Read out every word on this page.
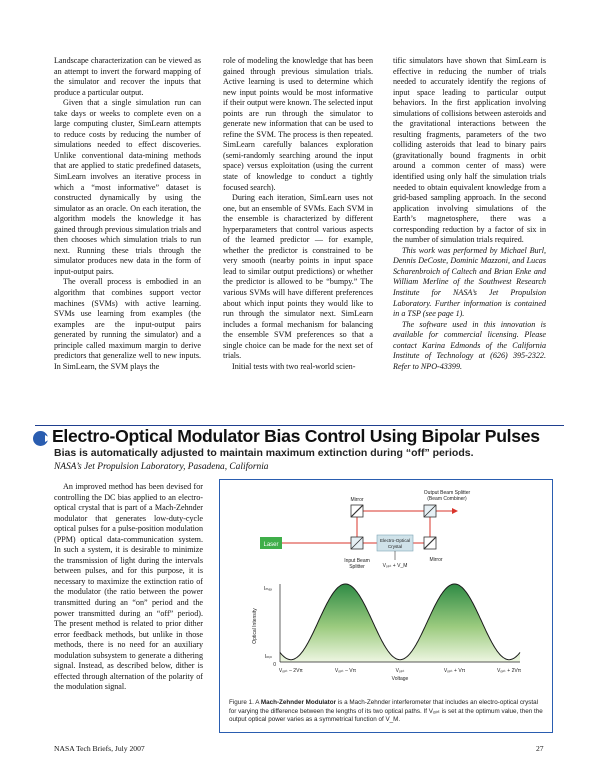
Landscape characterization can be viewed as an attempt to invert the forward mapping of the simulator and recover the inputs that produce a particular output.

Given that a single simulation run can take days or weeks to complete even on a large computing cluster, SimLearn attempts to reduce costs by reducing the number of simulations needed to effect discoveries. Unlike conventional data-mining methods that are applied to static predefined datasets, SimLearn involves an iterative process in which a “most informative” dataset is constructed dynamically by using the simulator as an oracle. On each iteration, the algorithm models the knowledge it has gained through previous simulation trials and then chooses which simulation trials to run next. Running these trials through the simulator produces new data in the form of input-output pairs.

The overall process is embodied in an algorithm that combines support vector machines (SVMs) with active learning. SVMs use learning from examples (the examples are the input-output pairs generated by running the simulator) and a principle called maximum margin to derive predictors that generalize well to new inputs. In SimLearn, the SVM plays the

role of modeling the knowledge that has been gained through previous simulation trials. Active learning is used to determine which new input points would be most informative if their output were known. The selected input points are run through the simulator to generate new information that can be used to refine the SVM. The process is then repeated. SimLearn carefully balances exploration (semi-randomly searching around the input space) versus exploitation (using the current state of knowledge to conduct a tightly focused search).

During each iteration, SimLearn uses not one, but an ensemble of SVMs. Each SVM in the ensemble is characterized by different hyperparameters that control various aspects of the learned predictor — for example, whether the predictor is constrained to be very smooth (nearby points in input space lead to similar output predictions) or whether the predictor is allowed to be “bumpy.” The various SVMs will have different preferences about which input points they would like to run through the simulator next. SimLearn includes a formal mechanism for balancing the ensemble SVM preferences so that a single choice can be made for the next set of trials.

Initial tests with two real-world scien-

tific simulators have shown that SimLearn is effective in reducing the number of trials needed to accurately identify the regions of input space leading to particular output behaviors. In the first application involving simulations of collisions between asteroids and the gravitational interactions between the resulting fragments, parameters of the two colliding asteroids that lead to binary pairs (gravitationally bound fragments in orbit around a common center of mass) were identified using only half the simulation trials needed to obtain equivalent knowledge from a grid-based sampling approach. In the second application involving simulations of the Earth’s magnetosphere, there was a corresponding reduction by a factor of six in the number of simulation trials required.

This work was performed by Michael Burl, Dennis DeCoste, Dominic Mazzoni, and Lucas Scharenbroich of Caltech and Brian Enke and William Merline of the Southwest Research Institute for NASA’s Jet Propulsion Laboratory. Further information is contained in a TSP (see page 1).

The software used in this innovation is available for commercial licensing. Please contact Karina Edmonds of the California Institute of Technology at (626) 395-2322. Refer to NPO-43399.

Electro-Optical Modulator Bias Control Using Bipolar Pulses
Bias is automatically adjusted to maintain maximum extinction during “off” periods.
NASA’s Jet Propulsion Laboratory, Pasadena, California

An improved method has been devised for controlling the DC bias applied to an electro-optical crystal that is part of a Mach-Zehnder modulator that generates low-duty-cycle optical pulses for a pulse-position modulation (PPM) optical data-communication system. In such a system, it is desirable to minimize the transmission of light during the intervals between pulses, and for this purpose, it is necessary to maximize the extinction ratio of the modulator (the ratio between the power transmitted during an “on” period and the power transmitted during an “off” period). The present method is related to prior dither error feedback methods, but unlike in those methods, there is no need for an auxiliary modulation subsystem to generate a dithering signal. Instead, as described below, dither is effected through alternation of the polarity of the modulation signal.

Laser
Electro-Optical
Crystal
Mirror
Output Beam Splitter
(Beam Combiner)
Input Beam
Splitter	Vₒₚₜ + V_M
Mirror
Iₘₐₓ
Iₘᵢₙ
0
Optical Intensity
Vₒₚₜ – 2Vπ	Vₒₚₜ – Vπ	Vₒₚₜ	Vₒₚₜ + Vπ	Vₒₚₜ + 2Vπ
Voltage
Figure 1. A Mach-Zehnder Modulator is a Mach-Zehnder interferometer that includes an electro-optical crystal for varying the difference between the lengths of its two optical paths. If Vₒₚₜ is set at the optimum value, then the output optical power varies as a symmetrical function of V_M.
NASA Tech Briefs, July 2007	27
